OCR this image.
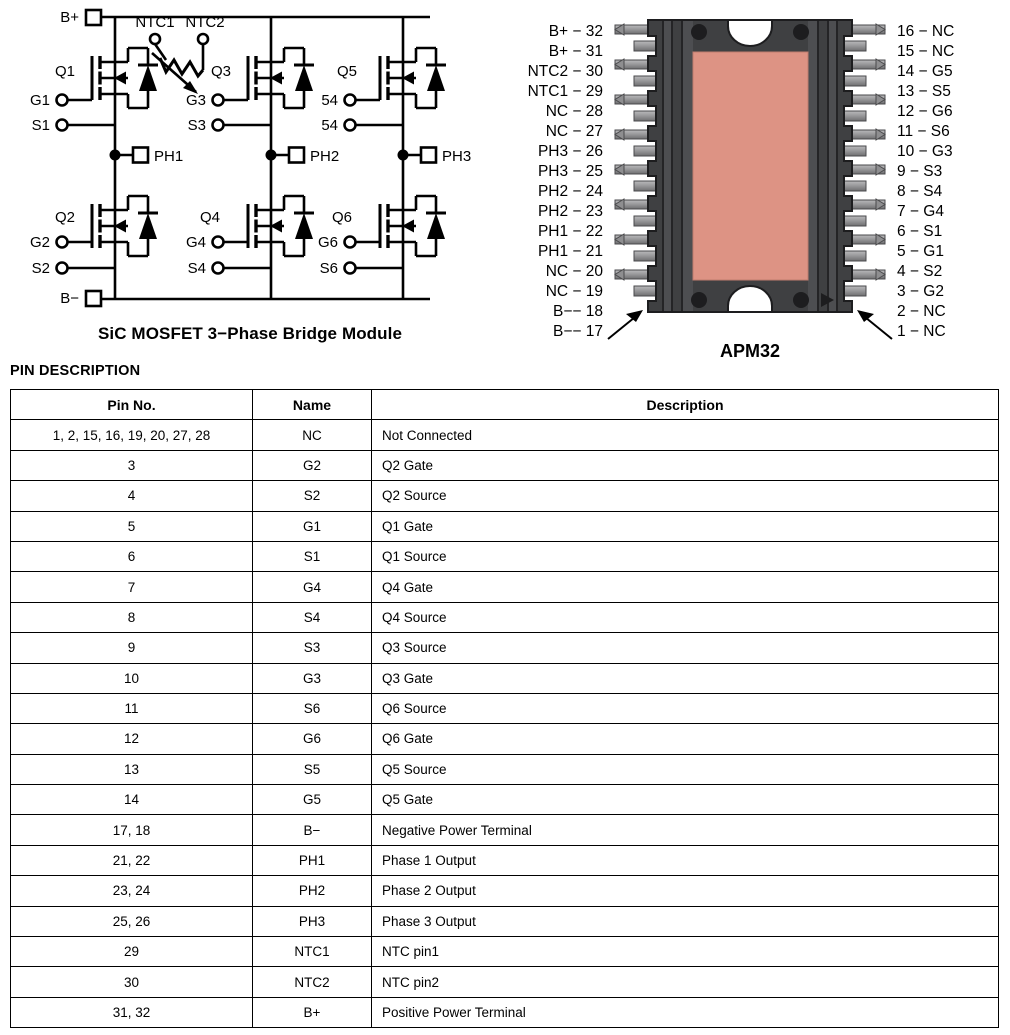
B+
B−
NTC1 NTC2
G1
S1
Q1
PH1
G2
S2
Q2
G3
S3
Q3
PH2
G4
S4
Q4
54
54
Q5
PH3
G6
S6
Q6
SiC MOSFET 3−Phase Bridge Module
APM32
B+ − 32
B+ − 31
NTC2 − 30
NTC1 − 29
NC − 28
NC − 27
PH3 − 26
PH3 − 25
PH2 − 24
PH2 − 23
PH1 − 22
PH1 − 21
NC − 20
NC − 19
B−− 18
B−− 17
16 − NC
15 − NC
14 − G5
13 − S5
12 − G6
11 − S6
10 − G3
9 − S3
8 − S4
7 − G4
6 − S1
5 − G1
4 − S2
3 − G2
2 − NC
1 − NC
PIN DESCRIPTION
Pin No.	Name	Description
1, 2, 15, 16, 19, 20, 27, 28	NC	Not Connected
3	G2	Q2 Gate
4	S2	Q2 Source
5	G1	Q1 Gate
6	S1	Q1 Source
7	G4	Q4 Gate
8	S4	Q4 Source
9	S3	Q3 Source
10	G3	Q3 Gate
11	S6	Q6 Source
12	G6	Q6 Gate
13	S5	Q5 Source
14	G5	Q5 Gate
17, 18	B−	Negative Power Terminal
21, 22	PH1	Phase 1 Output
23, 24	PH2	Phase 2 Output
25, 26	PH3	Phase 3 Output
29	NTC1	NTC pin1
30	NTC2	NTC pin2
31, 32	B+	Positive Power Terminal
